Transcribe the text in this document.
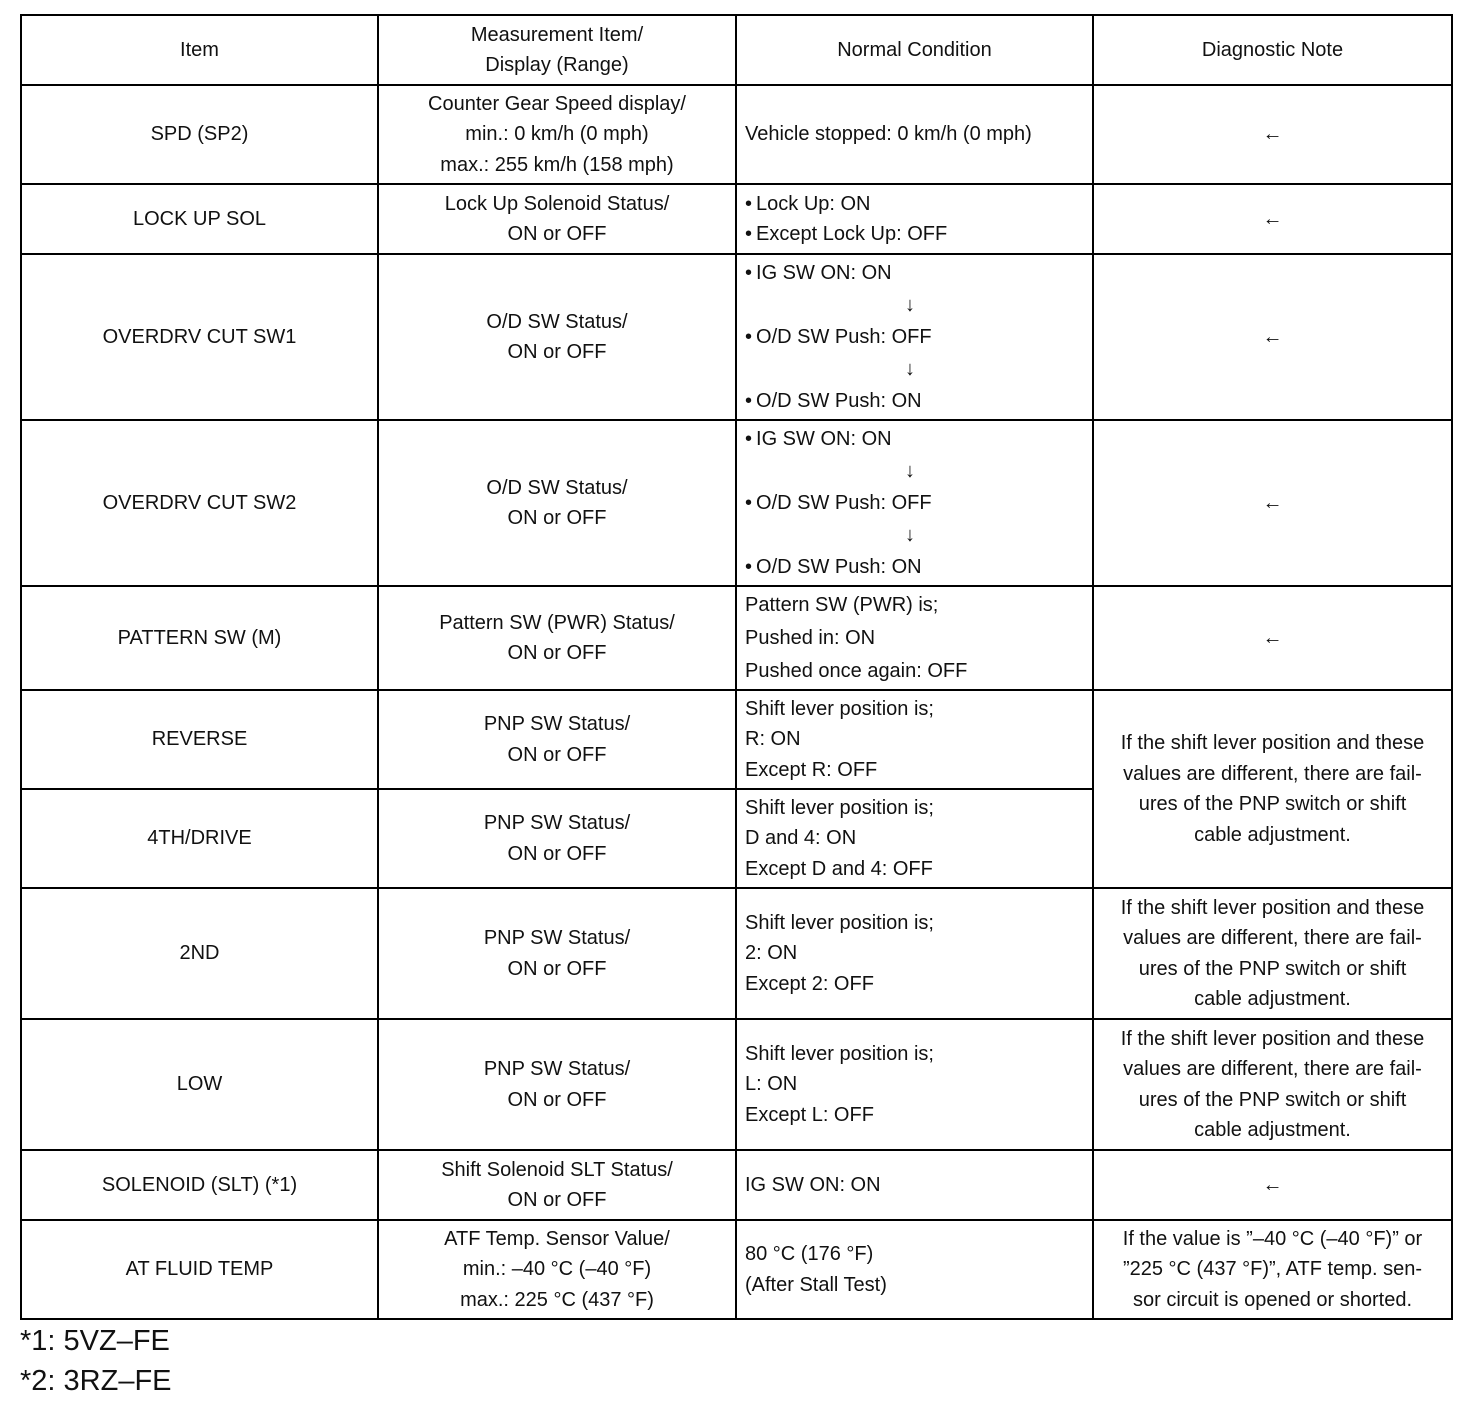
Item	Measurement Item/
Display (Range)	Normal Condition	Diagnostic Note
SPD (SP2)	Counter Gear Speed display/
min.: 0 km/h (0 mph)
max.: 255 km/h (158 mph)	Vehicle stopped: 0 km/h (0 mph)	←

LOCK UP SOL	Lock Up Solenoid Status/
ON or OFF	• Lock Up: ON
• Except Lock Up: OFF	←

OVERDRV CUT SW1	O/D SW Status/
ON or OFF	• IG SW ON: ON
↓
• O/D SW Push: OFF
↓
• O/D SW Push: ON	←

OVERDRV CUT SW2	O/D SW Status/
ON or OFF	• IG SW ON: ON
↓
• O/D SW Push: OFF
↓
• O/D SW Push: ON	←

PATTERN SW (M)	Pattern SW (PWR) Status/
ON or OFF	Pattern SW (PWR) is;
Pushed in: ON
Pushed once again: OFF	←

REVERSE	PNP SW Status/
ON or OFF	Shift lever position is;
R: ON
Except R: OFF	If the shift lever position and these
values are different, there are fail-
ures of the PNP switch or shift
cable adjustment.

4TH/DRIVE	PNP SW Status/
ON or OFF	Shift lever position is;
D and 4: ON
Except D and 4: OFF	

2ND	PNP SW Status/
ON or OFF	Shift lever position is;
2: ON
Except 2: OFF	If the shift lever position and these
values are different, there are fail-
ures of the PNP switch or shift
cable adjustment.

LOW	PNP SW Status/
ON or OFF	Shift lever position is;
L: ON
Except L: OFF	If the shift lever position and these
values are different, there are fail-
ures of the PNP switch or shift
cable adjustment.

SOLENOID (SLT) (*1)	Shift Solenoid SLT Status/
ON or OFF	IG SW ON: ON	←

AT FLUID TEMP	ATF Temp. Sensor Value/
min.: –40 °C (–40 °F)
max.: 225 °C (437 °F)	80 °C (176 °F)
(After Stall Test)	If the value is ”–40 °C (–40 °F)” or
”225 °C (437 °F)”, ATF temp. sen-
sor circuit is opened or shorted.
*1: 5VZ–FE
*2: 3RZ–FE
